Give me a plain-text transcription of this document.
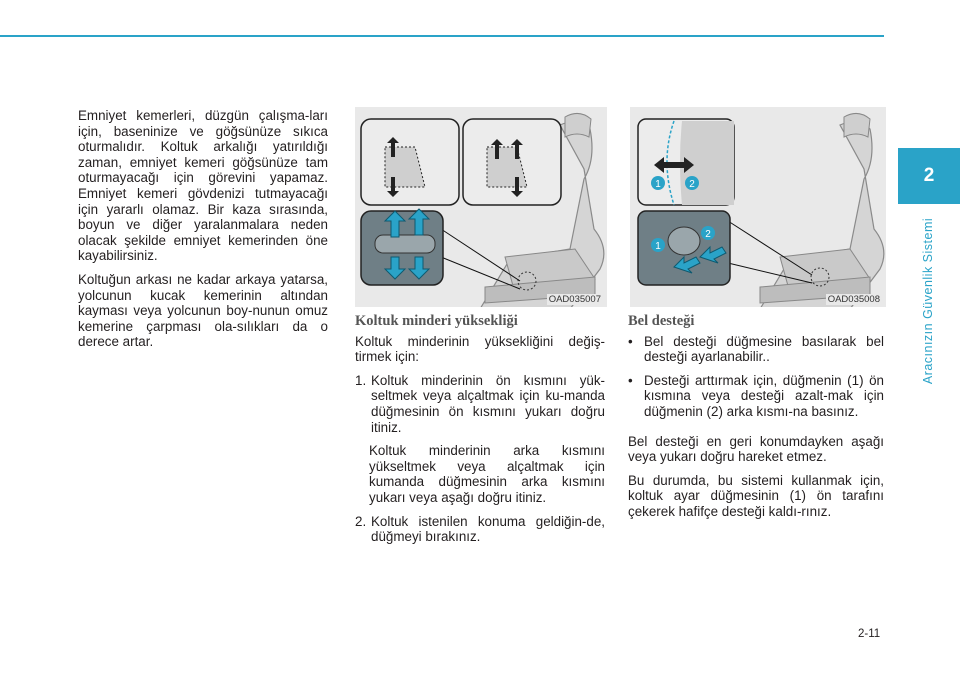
Emniyet kemerleri, düzgün çalışma-ları için, baseninize ve göğsünüze sıkıca oturmalıdır. Koltuk arkalığı yatırıldığı zaman, emniyet kemeri göğsünüze tam oturmayacağı için görevini yapamaz. Emniyet kemeri gövdenizi tutmayacağı için yararlı olamaz. Bir kaza sırasında, boyun ve diğer yaralanmalara neden olacak şekilde emniyet kemerinden öne kayabilirsiniz.

Koltuğun arkası ne kadar arkaya yatarsa, yolcunun kucak kemerinin altından kayması veya yolcunun boy-nunun omuz kemerine çarpması ola-sılıkları da o derece artar.

OAD035007
1	2
1
2
OAD035008
Koltuk minderi yüksekliği

Koltuk minderinin yüksekliğini değiş-tirmek için:

1. Koltuk minderinin ön kısmını yük-seltmek veya alçaltmak için ku-manda düğmesinin ön kısmını yukarı doğru itiniz.

Koltuk minderinin arka kısmını yükseltmek veya alçaltmak için kumanda düğmesinin arka kısmını yukarı veya aşağı doğru itiniz.

2. Koltuk istenilen konuma geldiğin-de, düğmeyi bırakınız.
Bel desteği
• Bel desteği düğmesine basılarak bel desteği ayarlanabilir..
• Desteği arttırmak için, düğmenin (1) ön kısmına veya desteği azalt-mak için düğmenin (2) arka kısmı-na basınız.

Bel desteği en geri konumdayken aşağı veya yukarı doğru hareket etmez.

Bu durumda, bu sistemi kullanmak için, koltuk ayar düğmesinin (1) ön tarafını çekerek hafifçe desteği kaldı-rınız.

2
Aracınızın Güvenlik Sistemi
2-11
